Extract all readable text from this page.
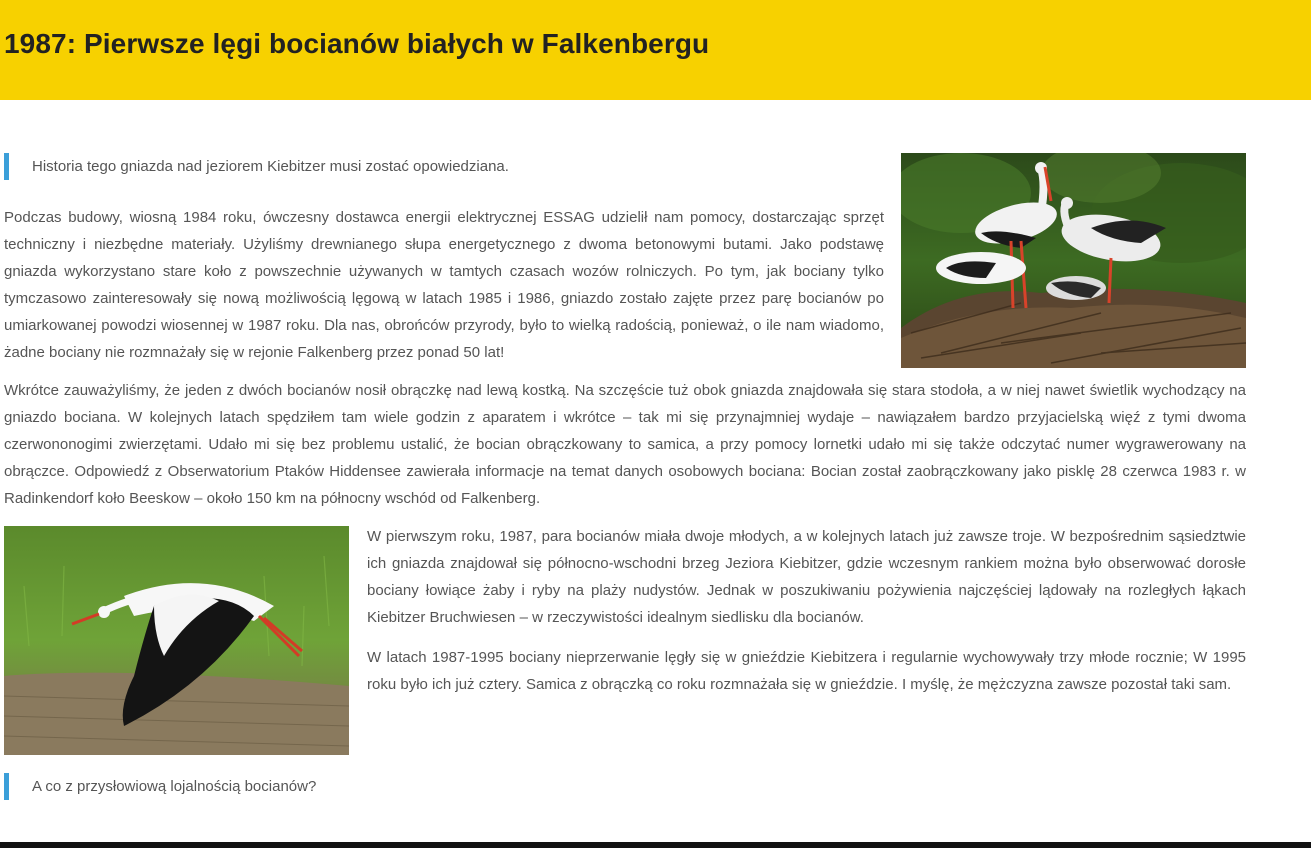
1987: Pierwsze lęgi bocianów białych w Falkenbergu
Historia tego gniazda nad jeziorem Kiebitzer musi zostać opowiedziana.

Podczas budowy, wiosną 1984 roku, ówczesny dostawca energii elektrycznej ESSAG udzielił nam pomocy, dostarczając sprzęt techniczny i niezbędne materiały. Użyliśmy drewnianego słupa energetycznego z dwoma betonowymi butami. Jako podstawę gniazda wykorzystano stare koło z powszechnie używanych w tamtych czasach wozów rolniczych. Po tym, jak bociany tylko tymczasowo zainteresowały się nową możliwością lęgową w latach 1985 i 1986, gniazdo zostało zajęte przez parę bocianów po umiarkowanej powodzi wiosennej w 1987 roku. Dla nas, obrońców przyrody, było to wielką radością, ponieważ, o ile nam wiadomo, żadne bociany nie rozmnażały się w rejonie Falkenberg przez ponad 50 lat!

Wkrótce zauważyliśmy, że jeden z dwóch bocianów nosił obrączkę nad lewą kostką. Na szczęście tuż obok gniazda znajdowała się stara stodoła, a w niej nawet świetlik wychodzący na gniazdo bociana. W kolejnych latach spędziłem tam wiele godzin z aparatem i wkrótce – tak mi się przynajmniej wydaje – nawiązałem bardzo przyjacielską więź z tymi dwoma czerwononogimi zwierzętami. Udało mi się bez problemu ustalić, że bocian obrączkowany to samica, a przy pomocy lornetki udało mi się także odczytać numer wygrawerowany na obrączce. Odpowiedź z Obserwatorium Ptaków Hiddensee zawierała informacje na temat danych osobowych bociana: Bocian został zaobrączkowany jako pisklę 28 czerwca 1983 r. w Radinkendorf koło Beeskow – około 150 km na północny wschód od Falkenberg.

W pierwszym roku, 1987, para bocianów miała dwoje młodych, a w kolejnych latach już zawsze troje. W bezpośrednim sąsiedztwie ich gniazda znajdował się północno-wschodni brzeg Jeziora Kiebitzer, gdzie wczesnym rankiem można było obserwować dorosłe bociany łowiące żaby i ryby na plaży nudystów. Jednak w poszukiwaniu pożywienia najczęściej lądowały na rozległych łąkach Kiebitzer Bruchwiesen – w rzeczywistości idealnym siedlisku dla bocianów.

W latach 1987-1995 bociany nieprzerwanie lęgły się w gnieździe Kiebitzera i regularnie wychowywały trzy młode rocznie; W 1995 roku było ich już cztery. Samica z obrączką co roku rozmnażała się w gnieździe. I myślę, że mężczyzna zawsze pozostał taki sam.

A co z przysłowiową lojalnością bocianów?
